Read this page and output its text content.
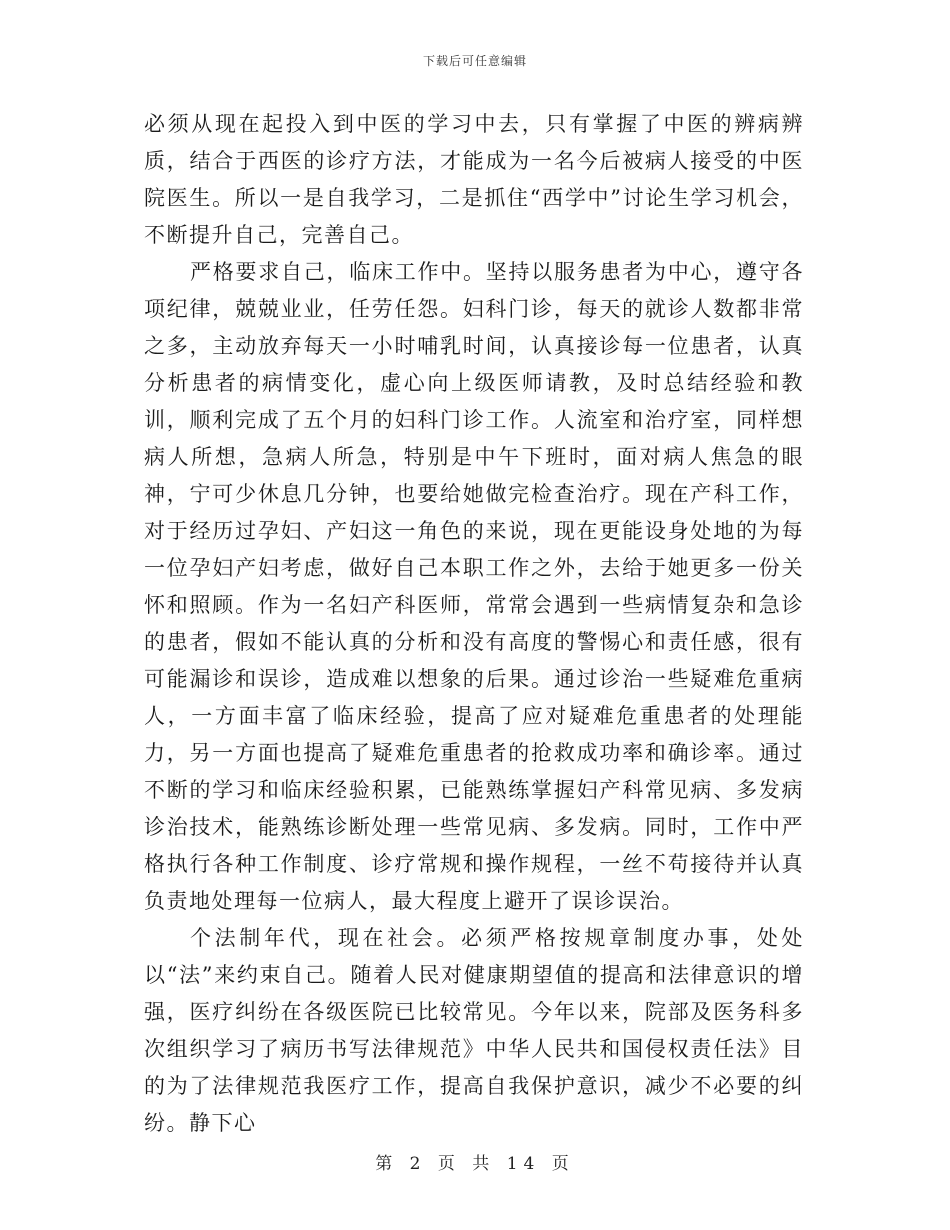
下载后可任意编辑

必须从现在起投入到中医的学习中去，只有掌握了中医的辨病辨质，结合于西医的诊疗方法，才能成为一名今后被病人接受的中医院医生。所以一是自我学习，二是抓住“西学中”讨论生学习机会，不断提升自己，完善自己。

严格要求自己，临床工作中。坚持以服务患者为中心，遵守各项纪律，兢兢业业，任劳任怨。妇科门诊，每天的就诊人数都非常之多，主动放弃每天一小时哺乳时间，认真接诊每一位患者，认真分析患者的病情变化，虚心向上级医师请教，及时总结经验和教训，顺利完成了五个月的妇科门诊工作。人流室和治疗室，同样想病人所想，急病人所急，特别是中午下班时，面对病人焦急的眼神，宁可少休息几分钟，也要给她做完检查治疗。现在产科工作，对于经历过孕妇、产妇这一角色的来说，现在更能设身处地的为每一位孕妇产妇考虑，做好自己本职工作之外，去给于她更多一份关怀和照顾。作为一名妇产科医师，常常会遇到一些病情复杂和急诊的患者，假如不能认真的分析和没有高度的警惕心和责任感，很有可能漏诊和误诊，造成难以想象的后果。通过诊治一些疑难危重病人，一方面丰富了临床经验，提高了应对疑难危重患者的处理能力，另一方面也提高了疑难危重患者的抢救成功率和确诊率。通过不断的学习和临床经验积累，已能熟练掌握妇产科常见病、多发病诊治技术，能熟练诊断处理一些常见病、多发病。同时，工作中严格执行各种工作制度、诊疗常规和操作规程，一丝不苟接待并认真负责地处理每一位病人，最大程度上避开了误诊误治。

个法制年代，现在社会。必须严格按规章制度办事，处处以“法”来约束自己。随着人民对健康期望值的提高和法律意识的增强，医疗纠纷在各级医院已比较常见。今年以来，院部及医务科多次组织学习了病历书写法律规范》中华人民共和国侵权责任法》目的为了法律规范我医疗工作，提高自我保护意识，减少不必要的纠纷。静下心

第 2 页 共 14 页
